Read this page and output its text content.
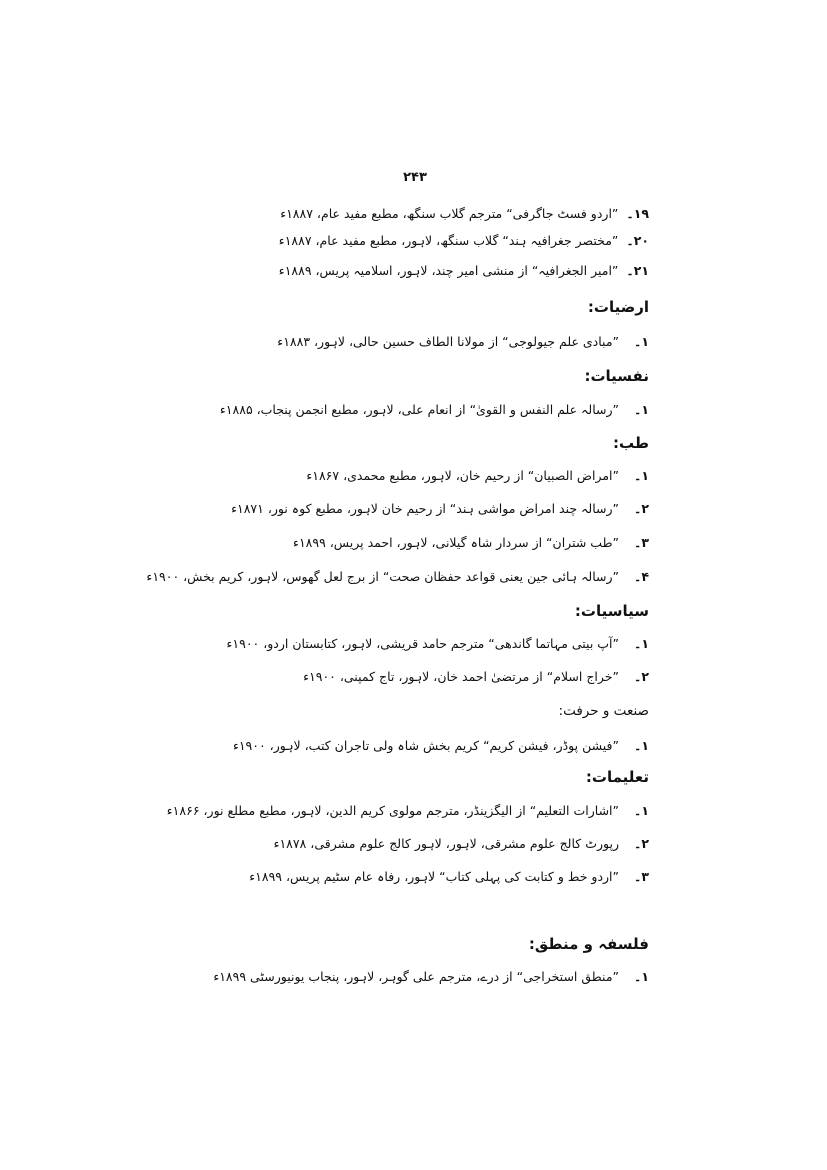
۲۴۳
۱۹۔”اردو فسٹ جاگرفی“ مترجم گلاب سنگھ، مطبع مفید عام، ۱۸۸۷ء
۲۰۔”مختصر جغرافیہ ہند“ گلاب سنگھ، لاہور، مطبع مفید عام، ۱۸۸۷ء
۲۱۔”امیر الجغرافیہ“ از منشی امیر چند، لاہور، اسلامیہ پریس، ۱۸۸۹ء
ارضیات:
۱۔”مبادی علم جیولوجی“ از مولانا الطاف حسین حالی، لاہور، ۱۸۸۳ء
نفسیات:
۱۔”رسالہ علم النفس و القویٰ“ از انعام علی، لاہور، مطبع انجمن پنجاب، ۱۸۸۵ء
طب:
۱۔”امراض الصبیان“ از رحیم خان، لاہور، مطبع محمدی، ۱۸۶۷ء
۲۔”رسالہ چند امراض مواشی ہند“ از رحیم خان لاہور، مطبع کوہ نور، ۱۸۷۱ء
۳۔”طب شتران“ از سردار شاہ گیلانی، لاہور، احمد پریس، ۱۸۹۹ء
۴۔”رسالہ ہائی جین یعنی قواعد حفظان صحت“ از برج لعل گھوس، لاہور، کریم بخش، ۱۹۰۰ء
سیاسیات:
۱۔”آپ بیتی مہاتما گاندھی“ مترجم حامد قریشی، لاہور، کتابستان اردو، ۱۹۰۰ء
۲۔”خراج اسلام“ از مرتضیٰ احمد خان، لاہور، تاج کمپنی، ۱۹۰۰ء
صنعت و حرفت:
۱۔”فیشن پوڈر، فیشن کریم“ کریم بخش شاہ ولی تاجران کتب، لاہور، ۱۹۰۰ء
تعلیمات:
۱۔”اشارات التعلیم“ از الیگزینڈر، مترجم مولوی کریم الدین، لاہور، مطبع مطلع نور، ۱۸۶۶ء
۲۔رپورٹ کالج علوم مشرقی، لاہور، لاہور کالج علوم مشرقی، ۱۸۷۸ء
۳۔”اردو خط و کتابت کی پہلی کتاب“ لاہور، رفاہ عام سٹیم پریس، ۱۸۹۹ء
فلسفہ و منطق:
۱۔”منطق استخراجی“ از درے، مترجم علی گوہر، لاہور، پنجاب یونیورسٹی ۱۸۹۹ء
